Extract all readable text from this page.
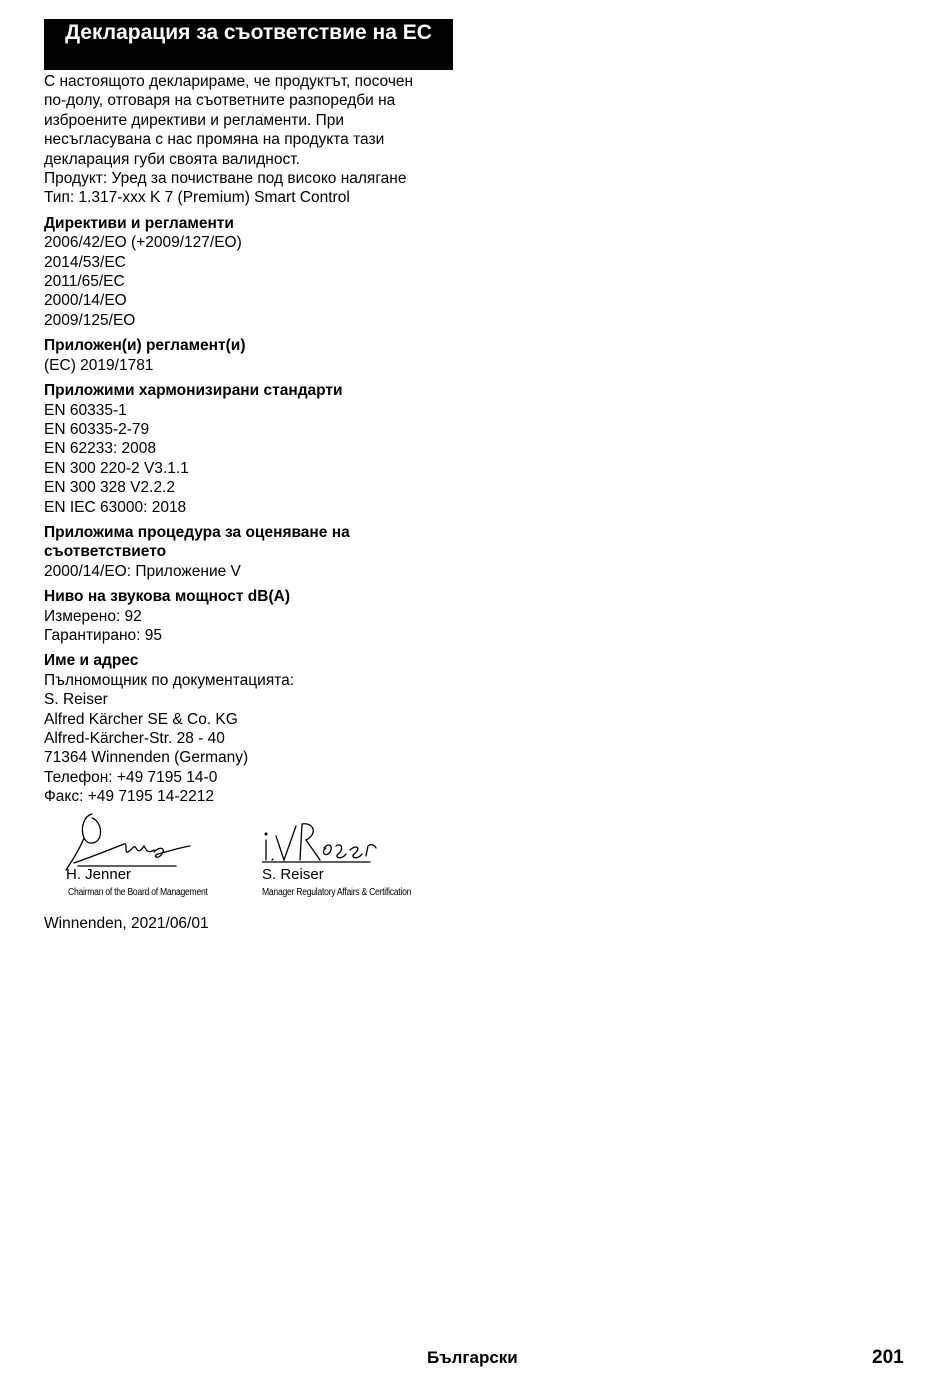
Декларация за съответствие на ЕС
С настоящото декларираме, че продуктът, посочен
по-долу, отговаря на съответните разпоредби на
изброените директиви и регламенти. При
несъгласувана с нас промяна на продукта тази
декларация губи своята валидност.
Продукт: Уред за почистване под високо налягане
Тип: 1.317-xxx K 7 (Premium) Smart Control
Директиви и регламенти
2006/42/EO (+2009/127/EO)
2014/53/EC
2011/65/EC
2000/14/EO
2009/125/EO
Приложен(и) регламент(и)
(EC) 2019/1781
Приложими хармонизирани стандарти
EN 60335-1
EN 60335-2-79
EN 62233: 2008
EN 300 220-2 V3.1.1
EN 300 328 V2.2.2
EN IEC 63000: 2018
Приложима процедура за оценяване на
съответствието
2000/14/EO: Приложение V
Ниво на звукова мощност dB(A)
Измерено: 92
Гарантирано: 95
Име и адрес
Пълномощник по документацията:
S. Reiser
Alfred Kärcher SE & Co. KG
Alfred-Kärcher-Str. 28 - 40
71364 Winnenden (Germany)
Телефон: +49 7195 14-0
Факс: +49 7195 14-2212
H. Jenner
Chairman of the Board of Management
S. Reiser
Manager Regulatory Affairs & Certification
Winnenden, 2021/06/01
Български	201
